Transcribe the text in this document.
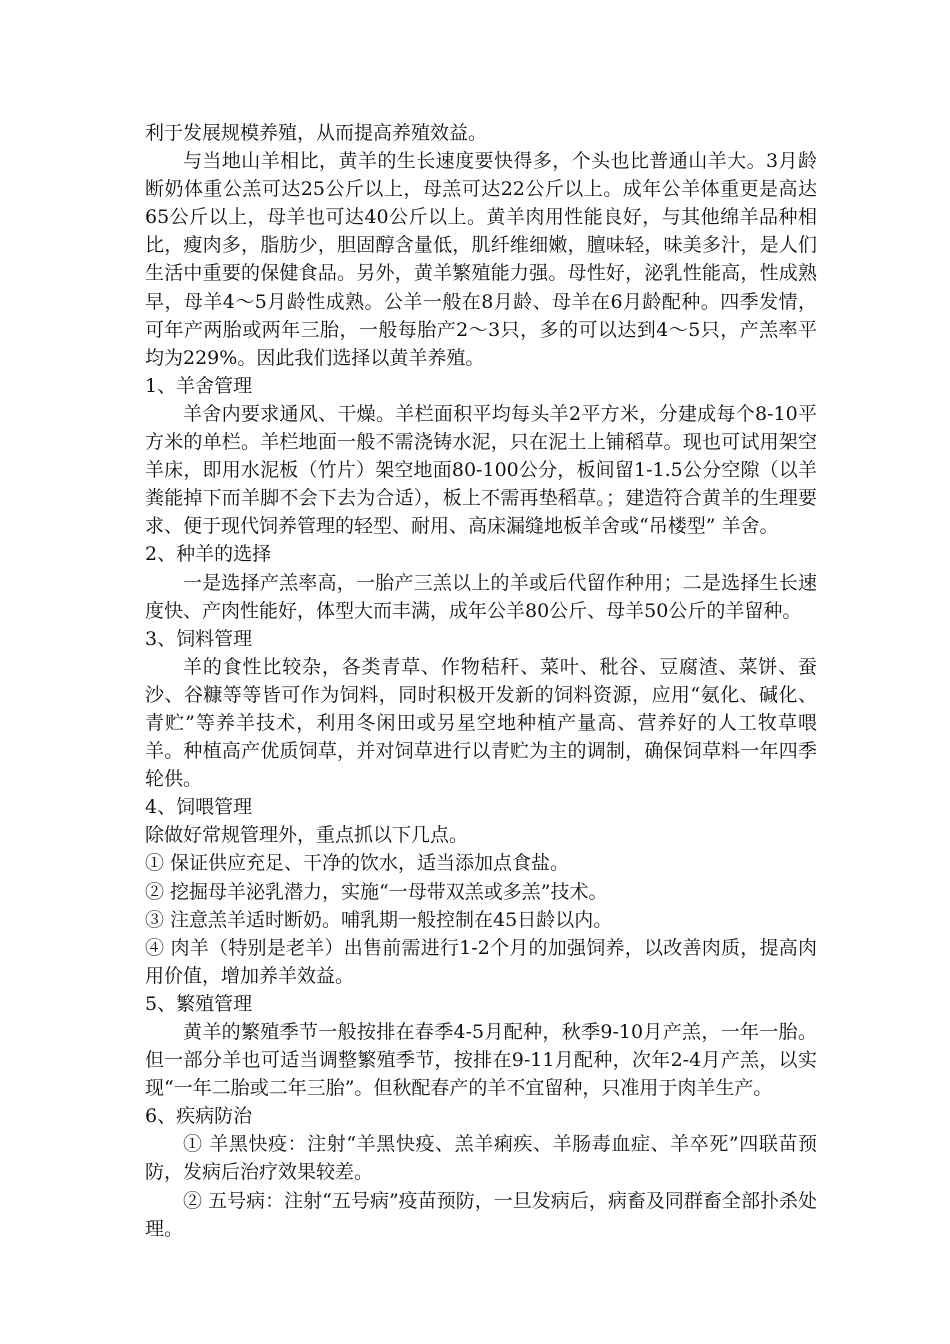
利于发展规模养殖，从而提高养殖效益。

与当地山羊相比，黄羊的生长速度要快得多，个头也比普通山羊大。3月龄断奶体重公羔可达25公斤以上，母羔可达22公斤以上。成年公羊体重更是高达65公斤以上，母羊也可达40公斤以上。黄羊肉用性能良好，与其他绵羊品种相比，瘦肉多，脂肪少，胆固醇含量低，肌纤维细嫩，膻味轻，味美多汁，是人们生活中重要的保健食品。另外，黄羊繁殖能力强。母性好，泌乳性能高，性成熟早，母羊4～5月龄性成熟。公羊一般在8月龄、母羊在6月龄配种。四季发情，可年产两胎或两年三胎，一般每胎产2～3只，多的可以达到4～5只，产羔率平均为229%。因此我们选择以黄羊养殖。

1、羊舍管理

羊舍内要求通风、干燥。羊栏面积平均每头羊2平方米，分建成每个8-10平方米的单栏。羊栏地面一般不需浇铸水泥，只在泥土上铺稻草。现也可试用架空羊床，即用水泥板（竹片）架空地面80-100公分，板间留1-1.5公分空隙（以羊粪能掉下而羊脚不会下去为合适），板上不需再垫稻草。；建造符合黄羊的生理要求、便于现代饲养管理的轻型、耐用、高床漏缝地板羊舍或“吊楼型” 羊舍。

2、种羊的选择

一是选择产羔率高，一胎产三羔以上的羊或后代留作种用；二是选择生长速度快、产肉性能好，体型大而丰满，成年公羊80公斤、母羊50公斤的羊留种。

3、饲料管理

羊的食性比较杂，各类青草、作物秸秆、菜叶、秕谷、豆腐渣、菜饼、蚕沙、谷糠等等皆可作为饲料，同时积极开发新的饲料资源，应用“氨化、碱化、青贮”等养羊技术，利用冬闲田或另星空地种植产量高、营养好的人工牧草喂羊。种植高产优质饲草，并对饲草进行以青贮为主的调制，确保饲草料一年四季轮供。

4、饲喂管理

除做好常规管理外，重点抓以下几点。

① 保证供应充足、干净的饮水，适当添加点食盐。

② 挖掘母羊泌乳潜力，实施“一母带双羔或多羔”技术。

③ 注意羔羊适时断奶。哺乳期一般控制在45日龄以内。

④ 肉羊（特别是老羊）出售前需进行1-2个月的加强饲养，以改善肉质，提高肉用价值，增加养羊效益。

5、繁殖管理

黄羊的繁殖季节一般按排在春季4-5月配种，秋季9-10月产羔，一年一胎。但一部分羊也可适当调整繁殖季节，按排在9-11月配种，次年2-4月产羔，以实现“一年二胎或二年三胎”。但秋配春产的羊不宜留种，只准用于肉羊生产。

6、疾病防治

① 羊黑快疫：注射“羊黑快疫、羔羊痢疾、羊肠毒血症、羊卒死”四联苗预防，发病后治疗效果较差。

② 五号病：注射“五号病”疫苗预防，一旦发病后，病畜及同群畜全部扑杀处理。
